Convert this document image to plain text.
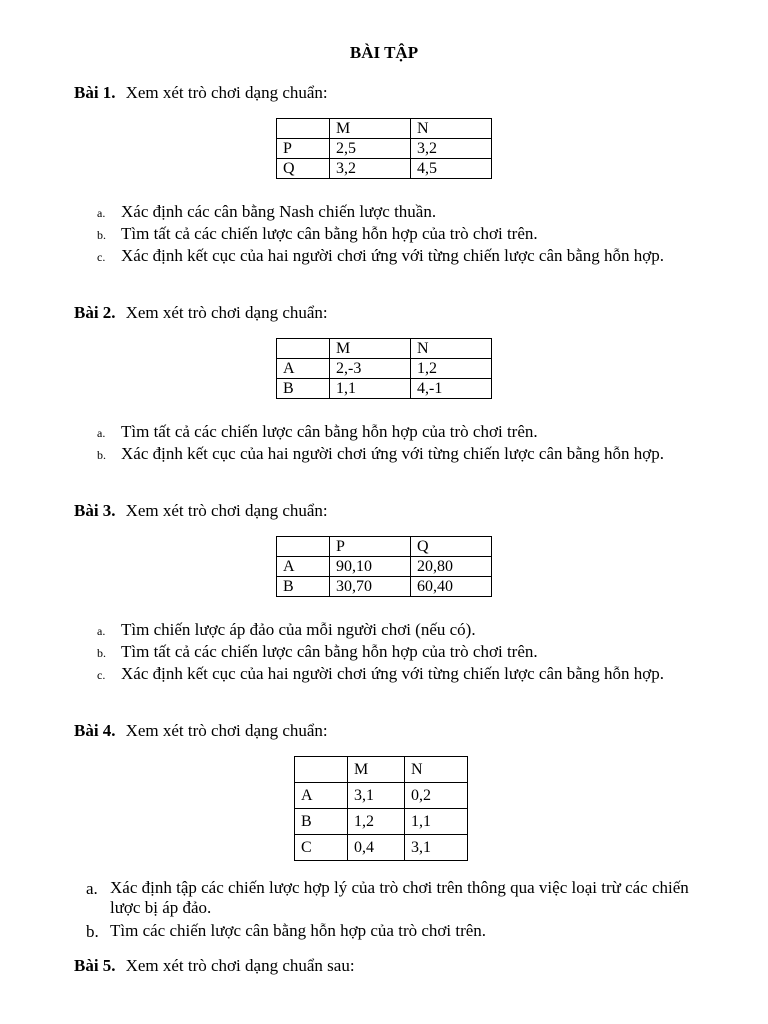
BÀI TẬP
Bài 1. Xem xét trò chơi dạng chuẩn:
	M	N
P	2,5	3,2
Q	3,2	4,5
a. Xác định các cân bằng Nash chiến lược thuần.
b. Tìm tất cả các chiến lược cân bằng hỗn hợp của trò chơi trên.
c. Xác định kết cục của hai người chơi ứng với từng chiến lược cân bằng hỗn hợp.
Bài 2. Xem xét trò chơi dạng chuẩn:
	M	N
A	2,-3	1,2
B	1,1	4,-1
a. Tìm tất cả các chiến lược cân bằng hỗn hợp của trò chơi trên.
b. Xác định kết cục của hai người chơi ứng với từng chiến lược cân bằng hỗn hợp.
Bài 3. Xem xét trò chơi dạng chuẩn:
	P	Q
A	90,10	20,80
B	30,70	60,40
a. Tìm chiến lược áp đảo của mỗi người chơi (nếu có).
b. Tìm tất cả các chiến lược cân bằng hỗn hợp của trò chơi trên.
c. Xác định kết cục của hai người chơi ứng với từng chiến lược cân bằng hỗn hợp.
Bài 4. Xem xét trò chơi dạng chuẩn:
	M	N
A	3,1	0,2
B	1,2	1,1
C	0,4	3,1
a. Xác định tập các chiến lược hợp lý của trò chơi trên thông qua việc loại trừ các chiến lược bị áp đảo.
b. Tìm các chiến lược cân bằng hỗn hợp của trò chơi trên.
Bài 5. Xem xét trò chơi dạng chuẩn sau:
